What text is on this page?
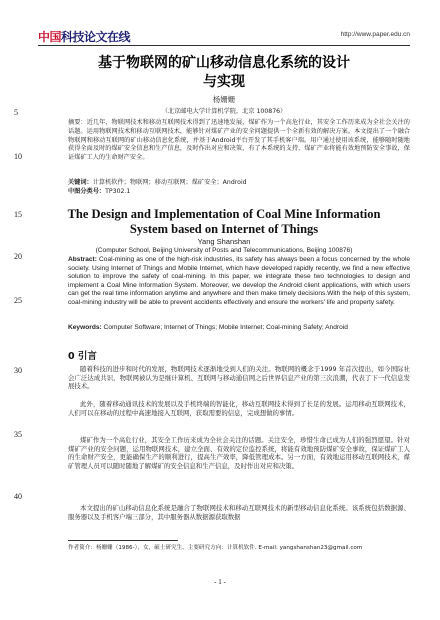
中国科技论文在线	http://www.paper.edu.cn
5
10
15
20
25
30
35
40
基于物联网的矿山移动信息化系统的设计
与实现
杨姗姗
（北京邮电大学计算机学院，北京 100876）
摘要：近几年，物联网技术和移动互联网技术得到了迅速地发展，煤矿作为一个高危行业，其安全工作历来成为全社会关注的话题。运用物联网技术和移动互联网技术，能够针对煤矿产业的安全问题提供一个全新有效的解决方案。本文提出了一个融合物联网和移动互联网的矿山移动信息化系统，并基于Android平台开发了其手机客户端。用户通过使用该系统，能够随时随地获得全面及时的煤矿安全信息和生产信息，及时作出对应和决策，有了本系统的支持，煤矿产业将能有效地预防安全事故，保证煤矿工人的生命财产安全。
关键词：计算机软件；物联网；移动互联网；煤矿安全；Android
中图分类号：TP302.1
The Design and Implementation of Coal Mine Information
System based on Internet of Things
Yang Shanshan
(Computer School, Beijing University of Posts and Telecommunications, Beijing 100876)
Abstract: Coal-mining as one of the high-risk industries, its safety has always been a focus concerned by the whole society. Using Internet of Things and Mobile Internet, which have developed rapidly recently, we find a new effective solution to improve the safety of coal-mining. In this paper, we integrate these two technologies to design and implement a Coal Mine Information System. Moreover, we develop the Android client applications, with which users can get the real time information anytime and anywhere and then make timely decisions.With the help of this system, coal-mining industry will be able to prevent accidents effectively and ensure the workers' life and property safety.
Keywords: Computer Software; Internet of Things; Mobile Internet; Coal-mining Safety; Android
0 引言
随着科技的进步和时代的发展，物联网技术逐渐地受到人们的关注。物联网的概念于1999 年首次提出，如今国际社会广泛达成共识，物联网被认为是继计算机、互联网与移动通信网之后世界信息产业的第三次浪潮，代表了下一代信息发展技术。
此外，随着移动通讯技术的发展以及手机终端的智能化，移动互联网技术得到了长足的发展。运用移动互联网技术，人们可以在移动的过程中高速地接入互联网，获取需要的信息，完成想做的事情。
煤矿作为一个高危行业，其安全工作历来成为全社会关注的话题。关注安全，珍惜生命已成为人们的强烈愿望。针对煤矿产业的安全问题，运用物联网技术，建立全面、有效的定位监控系统，将能有效地预防煤矿安全事故，保证煤矿工人的生命财产安全，更能确保生产的顺利进行，提高生产效率，降低管理成本。另一方面，有效地运用移动互联网技术，煤矿管理人员可以随时随地了解煤矿的安全信息和生产信息，及时作出对应和决策。
本文提出的矿山移动信息化系统是融合了物联网技术和移动互联网技术的新型移动信息化系统。该系统包括数据源、服务器以及手机客户端三部分，其中服务器从数据源获取数据
作者简介：杨姗姗（1986-），女，硕士研究生，主要研究方向：计算机软件. E-mail: yangshanshan23@gmail.com
- 1 -
